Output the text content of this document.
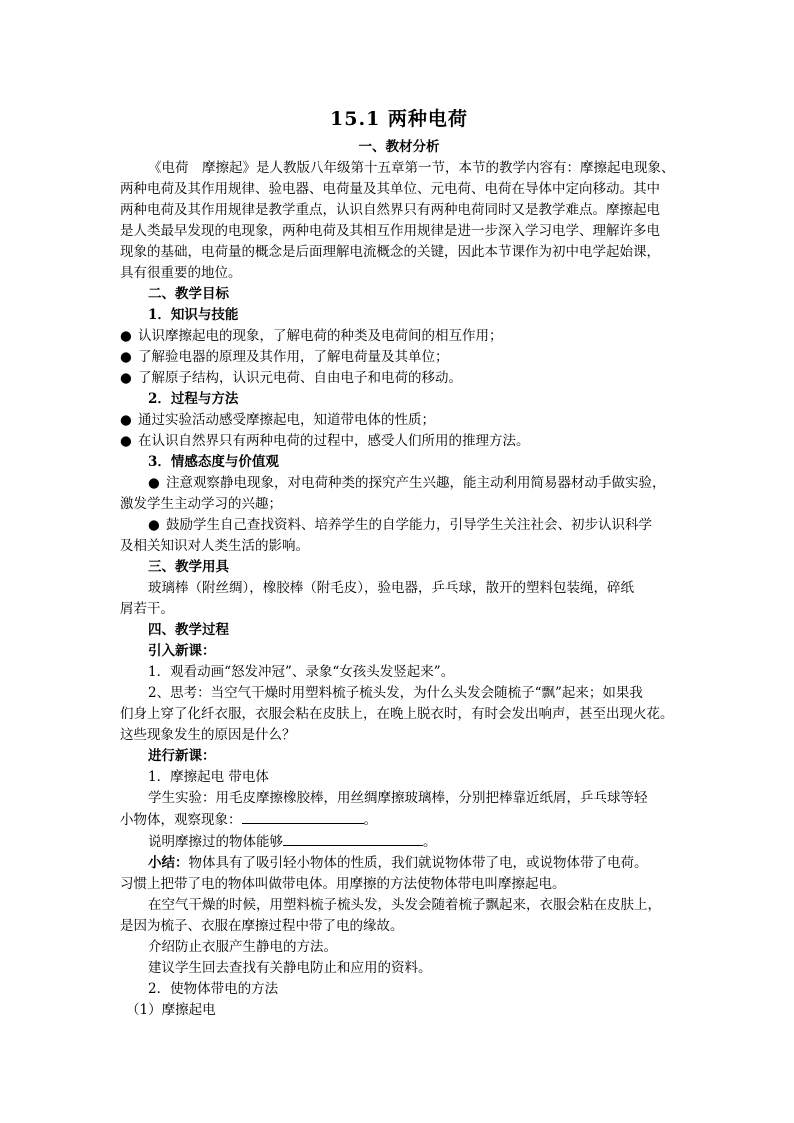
15.1 两种电荷
一、教材分析
《电荷　摩擦起》是人教版八年级第十五章第一节，本节的教学内容有：摩擦起电现象、
两种电荷及其作用规律、验电器、电荷量及其单位、元电荷、电荷在导体中定向移动。其中
两种电荷及其作用规律是教学重点，认识自然界只有两种电荷同时又是教学难点。摩擦起电
是人类最早发现的电现象，两种电荷及其相互作用规律是进一步深入学习电学、理解许多电
现象的基础，电荷量的概念是后面理解电流概念的关键，因此本节课作为初中电学起始课，
具有很重要的地位。
二、教学目标
1．知识与技能
● 认识摩擦起电的现象，了解电荷的种类及电荷间的相互作用；
● 了解验电器的原理及其作用，了解电荷量及其单位；
● 了解原子结构，认识元电荷、自由电子和电荷的移动。
2．过程与方法
● 通过实验活动感受摩擦起电，知道带电体的性质；
● 在认识自然界只有两种电荷的过程中，感受人们所用的推理方法。
3．情感态度与价值观
● 注意观察静电现象，对电荷种类的探究产生兴趣，能主动利用简易器材动手做实验，
激发学生主动学习的兴趣；
● 鼓励学生自己查找资料、培养学生的自学能力，引导学生关注社会、初步认识科学
及相关知识对人类生活的影响。
三、教学用具
玻璃棒（附丝绸），橡胶棒（附毛皮），验电器，乒乓球，散开的塑料包装绳，碎纸
屑若干。
四、教学过程
引入新课：
1．观看动画“怒发冲冠”、录象“女孩头发竖起来”。
2、思考：当空气干燥时用塑料梳子梳头发，为什么头发会随梳子“飘”起来；如果我
们身上穿了化纤衣服，衣服会粘在皮肤上，在晚上脱衣时，有时会发出响声，甚至出现火花。
这些现象发生的原因是什么？
进行新课：
1．摩擦起电 带电体
学生实验：用毛皮摩擦橡胶棒，用丝绸摩擦玻璃棒，分别把棒靠近纸屑，乒乓球等轻
小物体，观察现象：	。
说明摩擦过的物体能够	。
小结：物体具有了吸引轻小物体的性质，我们就说物体带了电，或说物体带了电荷。
习惯上把带了电的物体叫做带电体。用摩擦的方法使物体带电叫摩擦起电。
在空气干燥的时候，用塑料梳子梳头发，头发会随着梳子飘起来，衣服会粘在皮肤上，
是因为梳子、衣服在摩擦过程中带了电的缘故。
介绍防止衣服产生静电的方法。
建议学生回去查找有关静电防止和应用的资料。
2．使物体带电的方法
（1）摩擦起电
